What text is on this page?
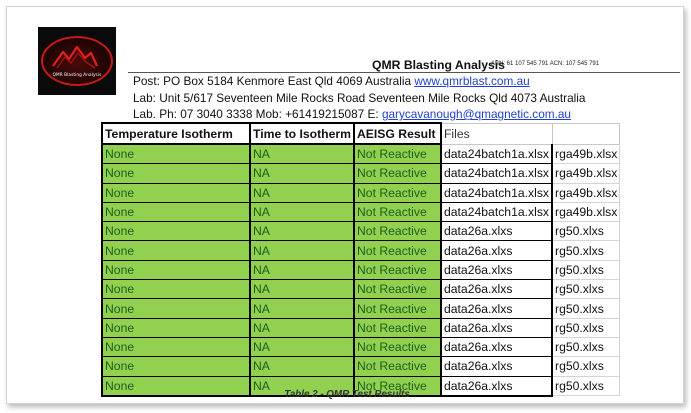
QMR Blasting Analysis
QMR Blasting Analysis
ABN: 61 107 545 791 ACN: 107 545 791
Post: PO Box 5184 Kenmore East Qld 4069 Australia www.qmrblast.com.au
Lab: Unit 5/617 Seventeen Mile Rocks Road Seventeen Mile Rocks Qld 4073 Australia
Lab. Ph: 07 3040 3338 Mob: +61419215087 E: garycavanough@qmagnetic.com.au
Temperature Isotherm	Time to Isotherm	AEISG Result	Files	
None	NA	Not Reactive	data24batch1a.xlsx	rga49b.xlsx
None	NA	Not Reactive	data24batch1a.xlsx	rga49b.xlsx
None	NA	Not Reactive	data24batch1a.xlsx	rga49b.xlsx
None	NA	Not Reactive	data24batch1a.xlsx	rga49b.xlsx
None	NA	Not Reactive	data26a.xlxs	rg50.xlxs
None	NA	Not Reactive	data26a.xlxs	rg50.xlxs
None	NA	Not Reactive	data26a.xlxs	rg50.xlxs
None	NA	Not Reactive	data26a.xlxs	rg50.xlxs
None	NA	Not Reactive	data26a.xlxs	rg50.xlxs
None	NA	Not Reactive	data26a.xlxs	rg50.xlxs
None	NA	Not Reactive	data26a.xlxs	rg50.xlxs
None	NA	Not Reactive	data26a.xlxs	rg50.xlxs
None	NA	Not Reactive	data26a.xlxs	rg50.xlxs
Table 2 - QMR Test Results
